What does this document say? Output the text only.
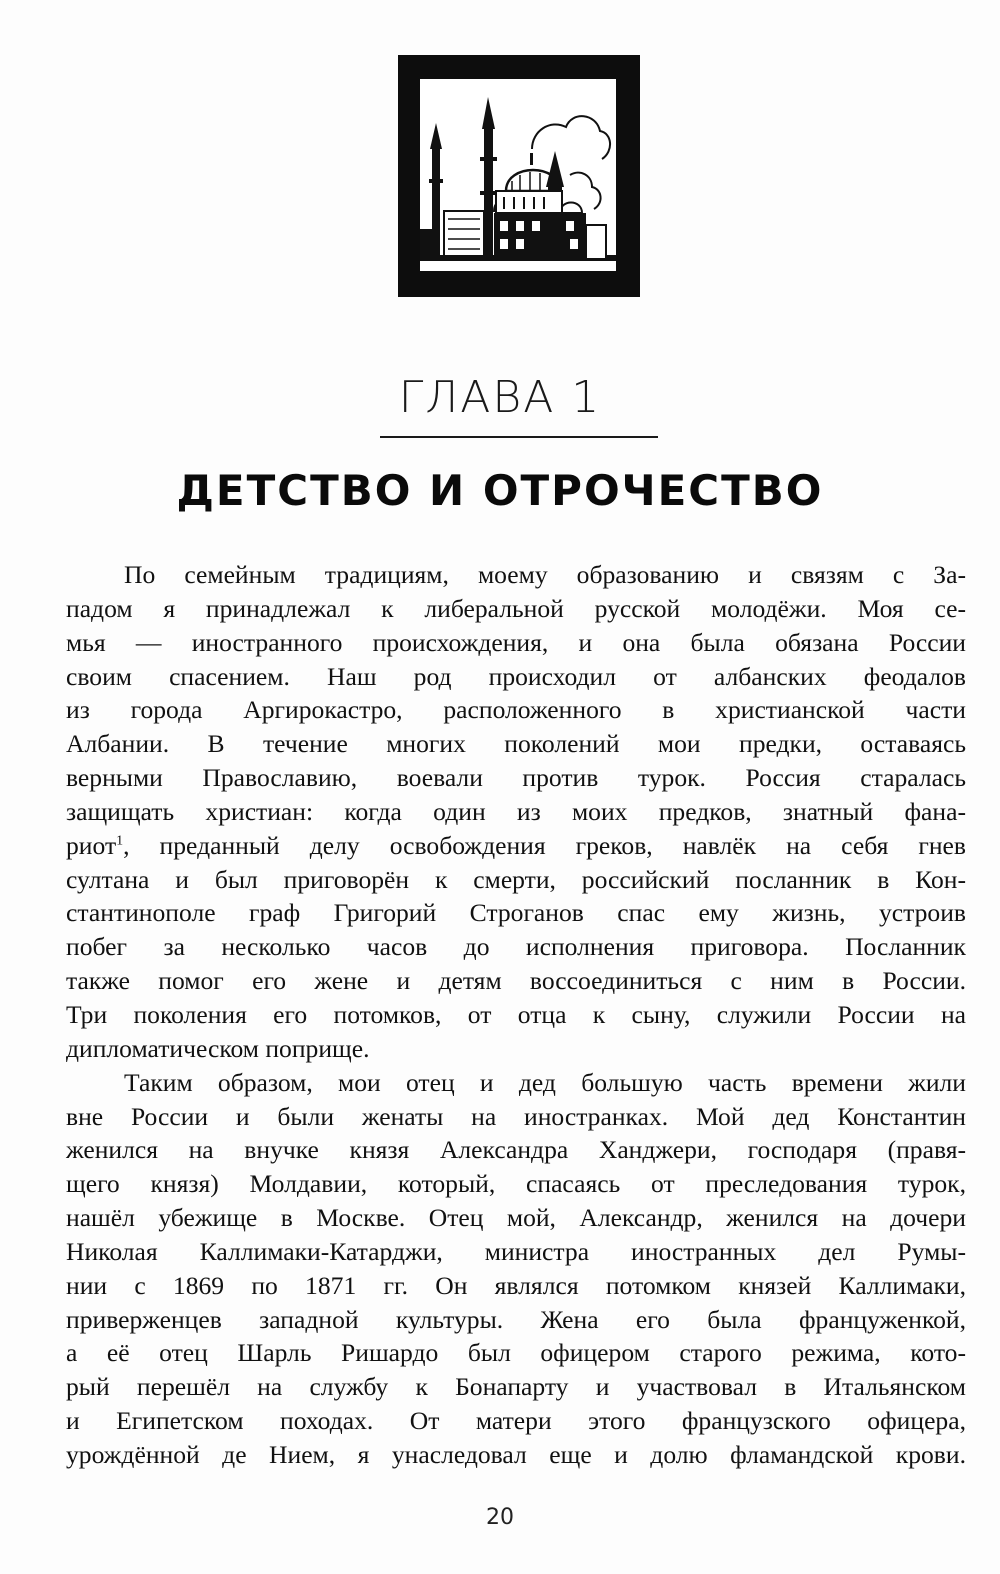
ГЛАВА 1
ДЕТСТВО И ОТРОЧЕСТВО
По семейным традициям, моему образованию и связям с За-
падом я принадлежал к либеральной русской молодёжи. Моя се-
мья — иностранного происхождения, и она была обязана России
своим спасением. Наш род происходил от албанских феодалов
из города Аргирокастро, расположенного в христианской части
Албании. В течение многих поколений мои предки, оставаясь
верными Православию, воевали против турок. Россия старалась
защищать христиан: когда один из моих предков, знатный фана-
риот$^1$, преданный делу освобождения греков, навлёк на себя гнев
султана и был приговорён к смерти, российский посланник в Кон-
стантинополе граф Григорий Строганов спас ему жизнь, устроив
побег за несколько часов до исполнения приговора. Посланник
также помог его жене и детям воссоединиться с ним в России.
Три поколения его потомков, от отца к сыну, служили России на
дипломатическом поприще.
Таким образом, мои отец и дед большую часть времени жили
вне России и были женаты на иностранках. Мой дед Константин
женился на внучке князя Александра Ханджери, господаря (правя-
щего князя) Молдавии, который, спасаясь от преследования турок,
нашёл убежище в Москве. Отец мой, Александр, женился на дочери
Николая Каллимаки-Катарджи, министра иностранных дел Румы-
нии с 1869 по 1871 гг. Он являлся потомком князей Каллимаки,
приверженцев западной культуры. Жена его была француженкой,
а её отец Шарль Ришардо был офицером старого режима, кото-
рый перешёл на службу к Бонапарту и участвовал в Итальянском
и Египетском походах. От матери этого французского офицера,
урождённой де Нием, я унаследовал еще и долю фламандской крови.
20
